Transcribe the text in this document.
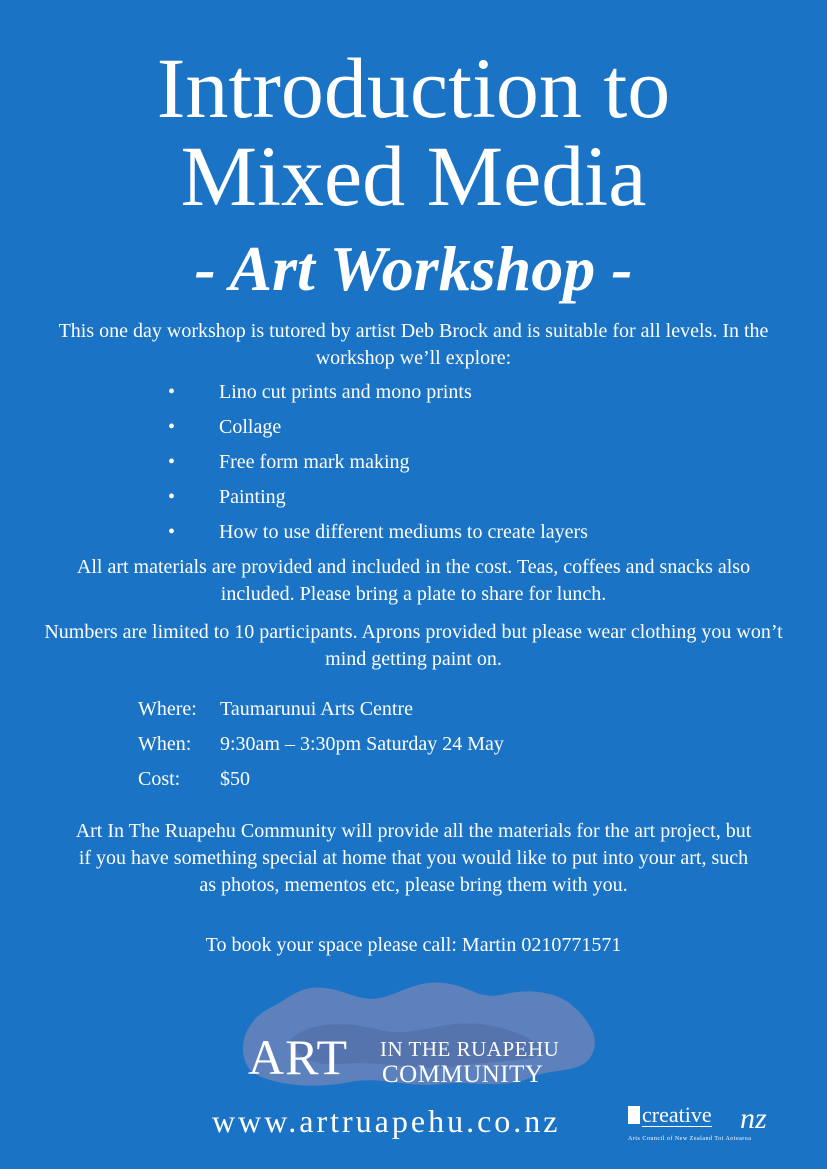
Introduction to
Mixed Media
- Art Workshop -

This one day workshop is tutored by artist Deb Brock and is suitable for all levels. In the workshop we’ll explore:

•	Lino cut prints and mono prints
•	Collage
•	Free form mark making
•	Painting
•	How to use different mediums to create layers

All art materials are provided and included in the cost. Teas, coffees and snacks also included. Please bring a plate to share for lunch.

Numbers are limited to 10 participants. Aprons provided but please wear clothing you won’t mind getting paint on.

Where:	Taumarunui Arts Centre
When:	9:30am – 3:30pm Saturday 24 May
Cost:	$50

Art In The Ruapehu Community will provide all the materials for the art project, but if you have something special at home that you would like to put into your art, such as photos, mementos etc, please bring them with you.

To book your space please call: Martin 0210771571

ART IN THE RUAPEHU
COMMUNITY
www.artruapehu.co.nz	creative nz
Arts Council of New Zealand Toi Aotearoa
